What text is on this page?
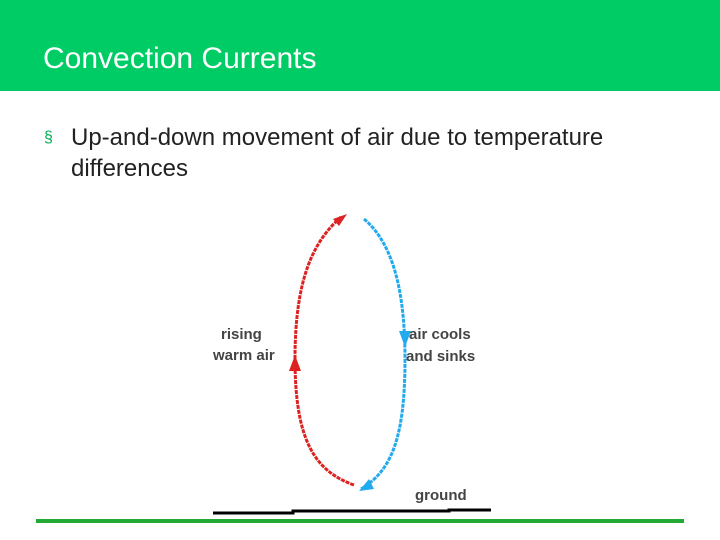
Convection Currents
§ Up-and-down movement of air due to temperature differences
rising
warm air
air cools
and sinks
ground
